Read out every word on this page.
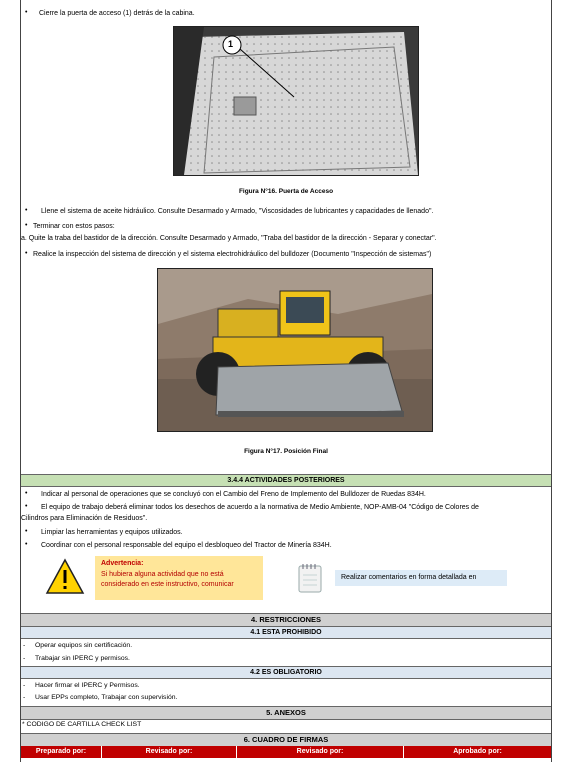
• Cierre la puerta de acceso (1) detrás de la cabina.
1
Figura N°16. Puerta de Acceso
• Llene el sistema de aceite hidráulico. Consulte Desarmado y Armado, "Viscosidades de lubricantes y capacidades de llenado".
• Terminar con estos pasos:
a. Quite la traba del bastidor de la dirección. Consulte Desarmado y Armado, "Traba del bastidor de la dirección - Separar y conectar".
• Realice la inspección del sistema de dirección y el sistema electrohidráulico del bulldozer (Documento "Inspección de sistemas")
Figura N°17. Posición Final
3.4.4 ACTIVIDADES POSTERIORES
• Indicar al personal de operaciones que se concluyó con el Cambio del Freno de Implemento del Bulldozer de Ruedas 834H.
• El equipo de trabajo deberá eliminar todos los desechos de acuerdo a la normativa de Medio Ambiente, NOP-AMB-04 "Código de Colores de
Cilindros para Eliminación de Residuos".
• Limpiar las herramientas y equipos utilizados.
• Coordinar con el personal responsable del equipo el desbloqueo del Tractor de Minería 834H.
Advertencia:
Si hubiera alguna actividad que no está
considerado en este instructivo, comunicar
Realizar comentarios en forma detallada en
4. RESTRICCIONES
4.1 ESTA PROHIBIDO
- Operar equipos sin certificación.
- Trabajar sin IPERC y permisos.
4.2 ES OBLIGATORIO
- Hacer firmar el IPERC y Permisos.
- Usar EPPs completo, Trabajar con supervisión.
5. ANEXOS
* CODIGO DE CARTILLA CHECK LIST
6. CUADRO DE FIRMAS
Preparado por:	Revisado por:	Revisado por:	Aprobado por:
